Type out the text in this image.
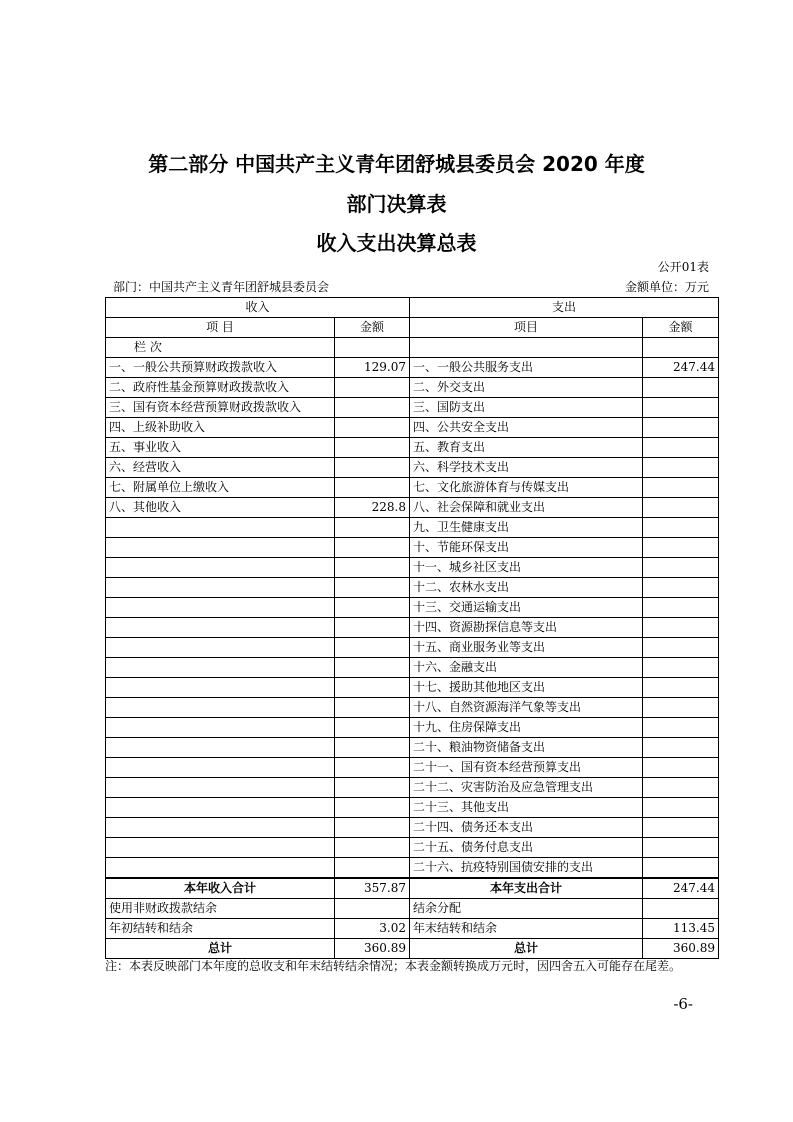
第二部分 中国共产主义青年团舒城县委员会 2020 年度
部门决算表
收入支出决算总表
公开01表
部门：中国共产主义青年团舒城县委员会	金额单位：万元
收入		支出	
项 目	金额	项目	金额
栏 次			
一、一般公共预算财政拨款收入	129.07	一、一般公共服务支出	247.44
二、政府性基金预算财政拨款收入		二、外交支出	
三、国有资本经营预算财政拨款收入		三、国防支出	
四、上级补助收入		四、公共安全支出	
五、事业收入		五、教育支出	
六、经营收入		六、科学技术支出	
七、附属单位上缴收入		七、文化旅游体育与传媒支出	
八、其他收入	228.8	八、社会保障和就业支出	
		九、卫生健康支出	
		十、节能环保支出	
		十一、城乡社区支出	
		十二、农林水支出	
		十三、交通运输支出	
		十四、资源勘探信息等支出	
		十五、商业服务业等支出	
		十六、金融支出	
		十七、援助其他地区支出	
		十八、自然资源海洋气象等支出	
		十九、住房保障支出	
		二十、粮油物资储备支出	
		二十一、国有资本经营预算支出	
		二十二、灾害防治及应急管理支出	
		二十三、其他支出	
		二十四、债务还本支出	
		二十五、债务付息支出	
		二十六、抗疫特别国债安排的支出	
本年收入合计	357.87	本年支出合计	247.44
使用非财政拨款结余		结余分配	
年初结转和结余	3.02	年末结转和结余	113.45
总计	360.89	总计	360.89
注：本表反映部门本年度的总收支和年末结转结余情况；本表金额转换成万元时，因四舍五入可能存在尾差。
-6-
